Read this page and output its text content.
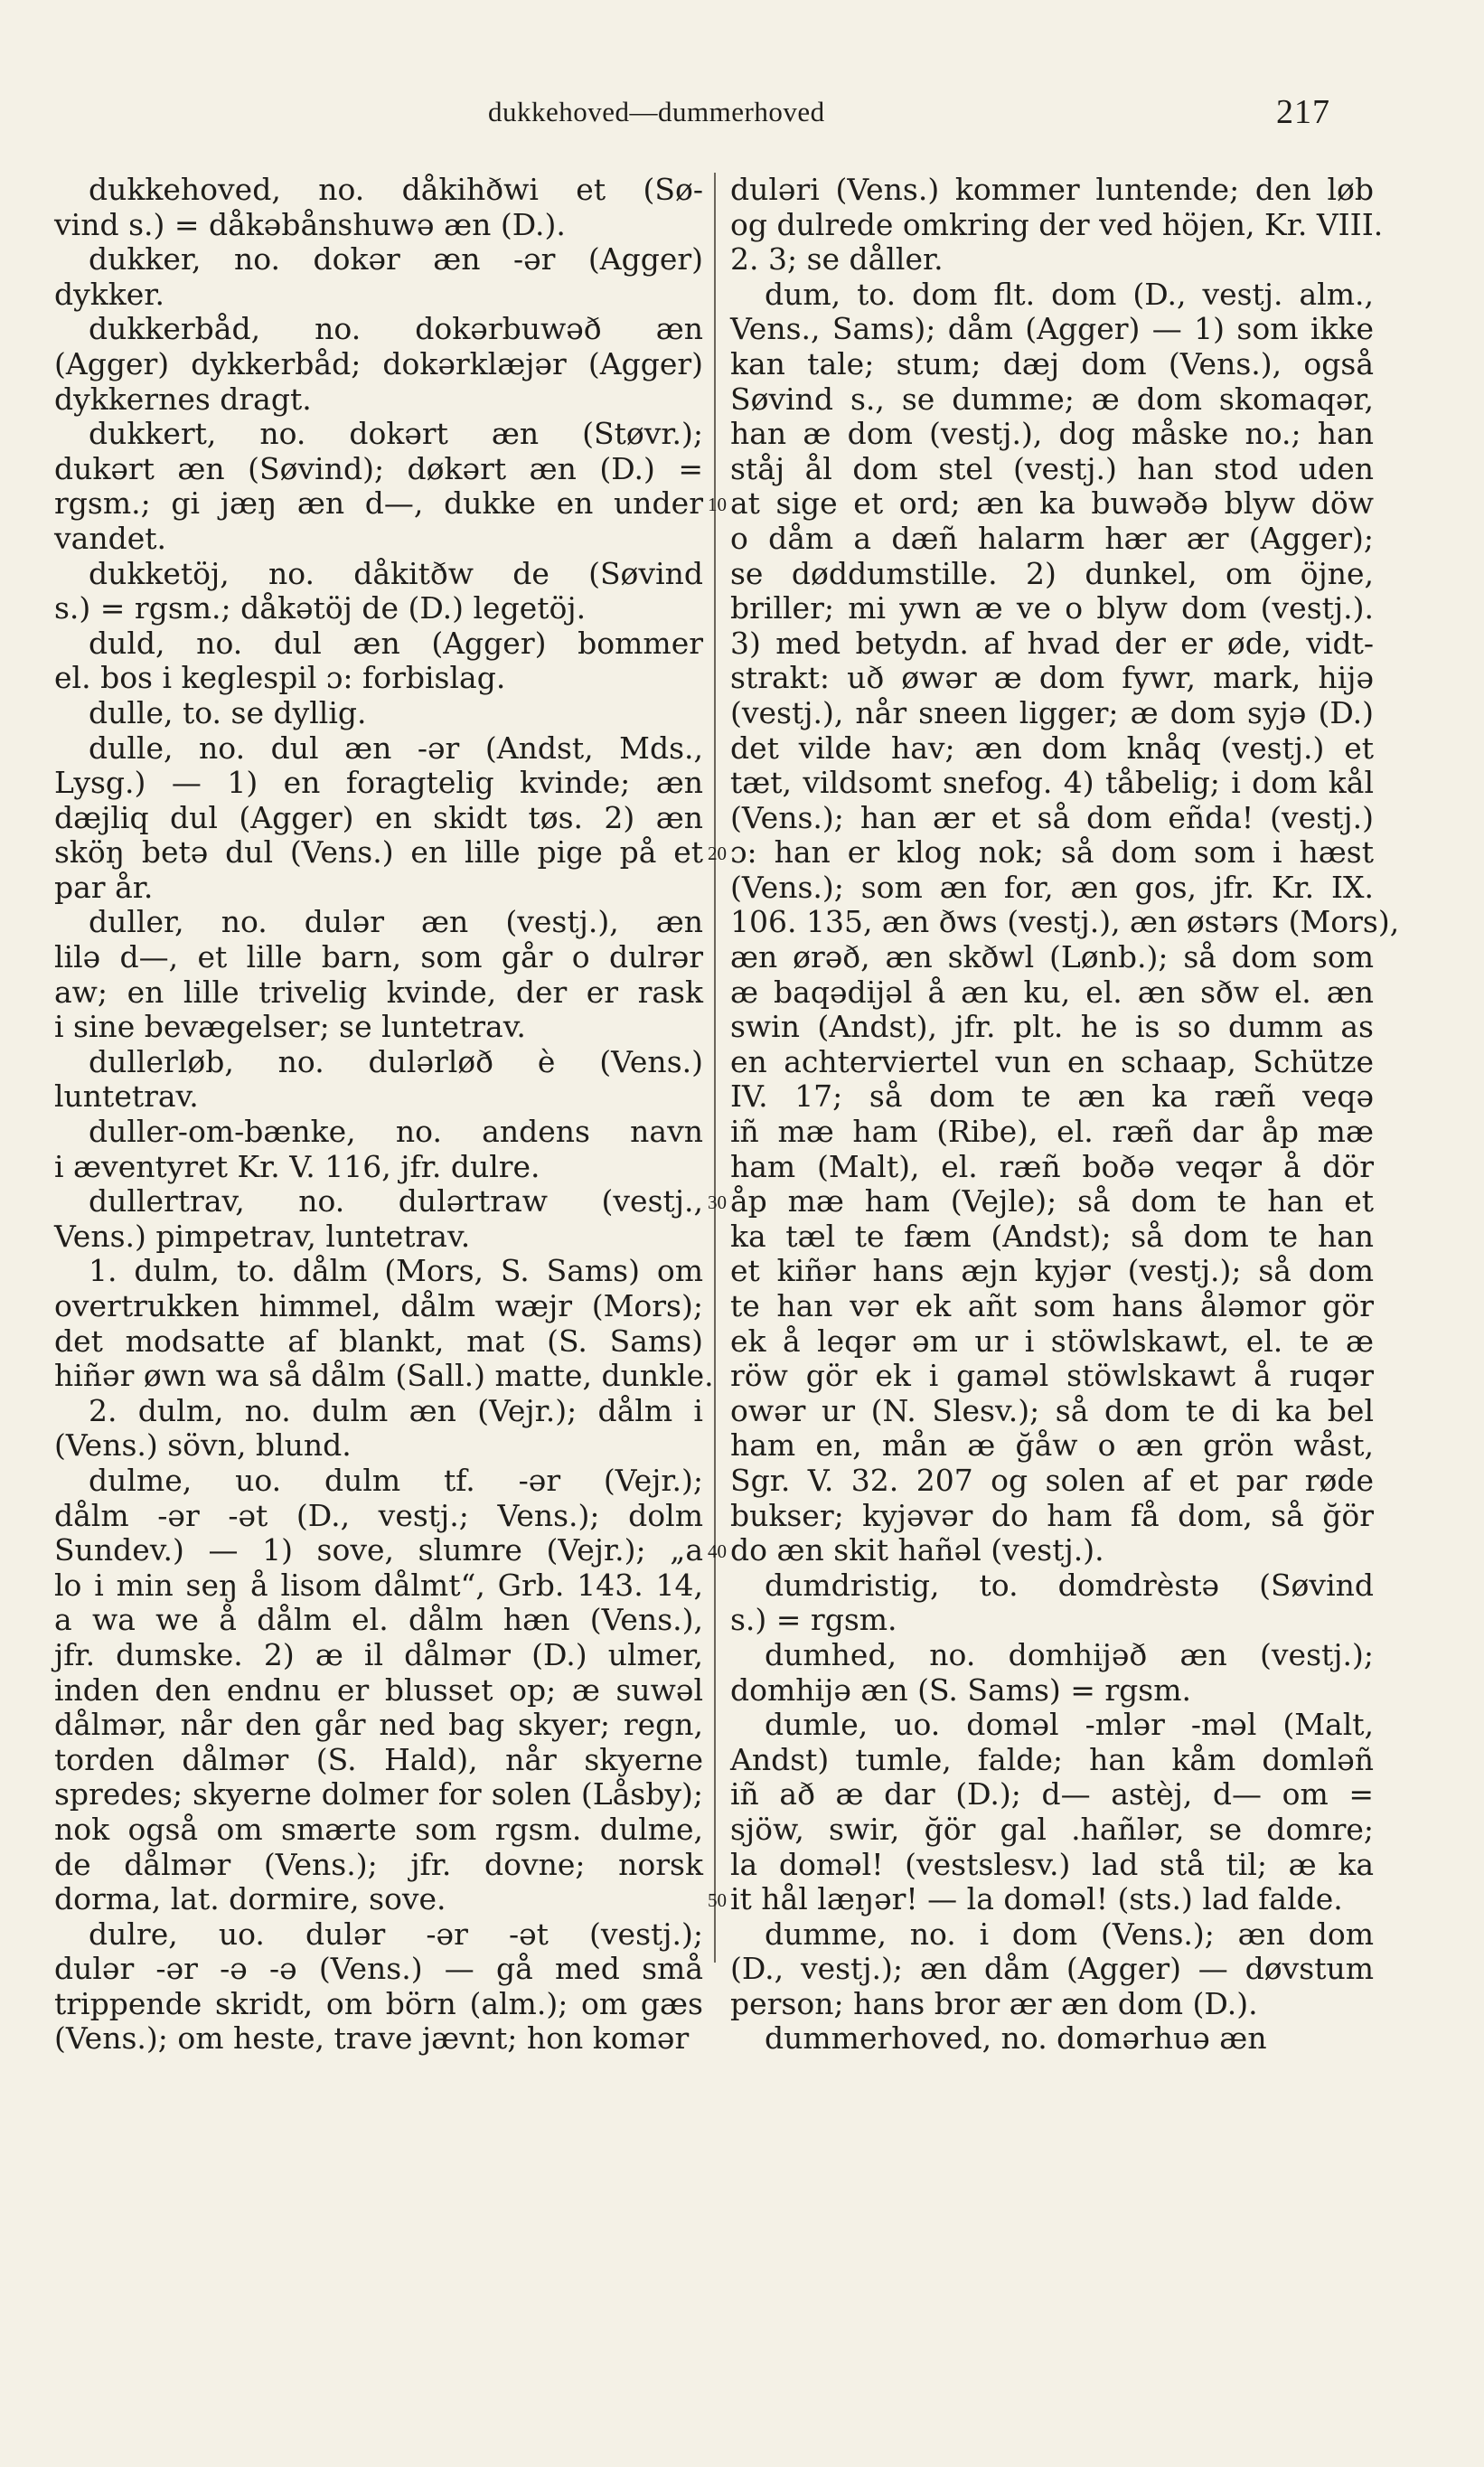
dukkehoved—dummerhoved	217
dukkehoved, no. dåkihðwi et (Sø-
vind s.) = dåkəbånshuwə æn (D.).
dukker, no. dokər æn -ər (Agger)
dykker.
dukkerbåd, no. dokərbuwəð æn
(Agger) dykkerbåd; dokərklæjər (Agger)
dykkernes dragt.
dukkert, no. dokərt æn (Støvr.);
dukərt æn (Søvind); døkərt æn (D.) =
rgsm.; gi jæŋ æn d—, dukke en under
vandet.
dukketöj, no. dåkitðw de (Søvind
s.) = rgsm.; dåkətöj de (D.) legetöj.
duld, no. dul æn (Agger) bommer
el. bos i keglespil ɔ: forbislag.
dulle, to. se dyllig.
dulle, no. dul æn -ər (Andst, Mds.,
Lysg.) — 1) en foragtelig kvinde; æn
dæjliq dul (Agger) en skidt tøs. 2) æn
sköŋ betə dul (Vens.) en lille pige på et
par år.
duller, no. dulər æn (vestj.), æn
lilə d—, et lille barn, som går o dulrər
aw; en lille trivelig kvinde, der er rask
i sine bevægelser; se luntetrav.
dullerløb, no. dulərløð è (Vens.)
luntetrav.
duller-om-bænke, no. andens navn
i æventyret Kr. V. 116, jfr. dulre.
dullertrav, no. dulərtraw (vestj.,
Vens.) pimpetrav, luntetrav.
1. dulm, to. dålm (Mors, S. Sams) om
overtrukken himmel, dålm wæjr (Mors);
det modsatte af blankt, mat (S. Sams)
hiñər øwn wa så dålm (Sall.) matte, dunkle.
2. dulm, no. dulm æn (Vejr.); dålm i
(Vens.) sövn, blund.
dulme, uo. dulm tf. -ər (Vejr.);
dålm -ər -ət (D., vestj.; Vens.); dolm
Sundev.) — 1) sove, slumre (Vejr.); „a
lo i min seŋ å lisom dålmt“, Grb. 143. 14,
a wa we å dålm el. dålm hæn (Vens.),
jfr. dumske. 2) æ il dålmər (D.) ulmer,
inden den endnu er blusset op; æ suwəl
dålmər, når den går ned bag skyer; regn,
torden dålmər (S. Hald), når skyerne
spredes; skyerne dolmer for solen (Låsby);
nok også om smærte som rgsm. dulme,
de dålmər (Vens.); jfr. dovne; norsk
dorma, lat. dormire, sove.
dulre, uo. dulər -ər -ət (vestj.);
dulər -ər -ə -ə (Vens.) — gå med små
trippende skridt, om börn (alm.); om gæs
(Vens.); om heste, trave jævnt; hon komər
10
20
30
40
50
duləri (Vens.) kommer luntende; den løb
og dulrede omkring der ved höjen, Kr. VIII.
2. 3; se dåller.
dum, to. dom flt. dom (D., vestj. alm.,
Vens., Sams); dåm (Agger) — 1) som ikke
kan tale; stum; dæj dom (Vens.), også
Søvind s., se dumme; æ dom skomaqər,
han æ dom (vestj.), dog måske no.; han
ståj ål dom stel (vestj.) han stod uden
at sige et ord; æn ka buwəðə blyw döw
o dåm a dæñ halarm hær ær (Agger);
se døddumstille. 2) dunkel, om öjne,
briller; mi ywn æ ve o blyw dom (vestj.).
3) med betydn. af hvad der er øde, vidt-
strakt: uð øwər æ dom fywr, mark, hijə
(vestj.), når sneen ligger; æ dom syjə (D.)
det vilde hav; æn dom knåq (vestj.) et
tæt, vildsomt snefog. 4) tåbelig; i dom kål
(Vens.); han ær et så dom eñda! (vestj.)
ɔ: han er klog nok; så dom som i hæst
(Vens.); som æn for, æn gos, jfr. Kr. IX.
106. 135, æn ðws (vestj.), æn østərs (Mors),
æn ørəð, æn skðwl (Lønb.); så dom som
æ baqədijəl å æn ku, el. æn sðw el. æn
swin (Andst), jfr. plt. he is so dumm as
en achterviertel vun en schaap, Schütze
IV. 17; så dom te æn ka ræñ veqə
iñ mæ ham (Ribe), el. ræñ dar åp mæ
ham (Malt), el. ræñ boðə veqər å dör
åp mæ ham (Vejle); så dom te han et
ka tæl te fæm (Andst); så dom te han
et kiñər hans æjn kyjər (vestj.); så dom
te han vər ek añt som hans åləmor gör
ek å leqər əm ur i stöwlskawt, el. te æ
röw gör ek i gaməl stöwlskawt å ruqər
owər ur (N. Slesv.); så dom te di ka bel
ham en, mån æ ğåw o æn grön wåst,
Sgr. V. 32. 207 og solen af et par røde
bukser; kyjəvər do ham få dom, så ğör
do æn skit hañəl (vestj.).
dumdristig, to. domdrèstə (Søvind
s.) = rgsm.
dumhed, no. domhijəð æn (vestj.);
domhijə æn (S. Sams) = rgsm.
dumle, uo. doməl -mlər -məl (Malt,
Andst) tumle, falde; han kåm domləñ
iñ að æ dar (D.); d— astèj, d— om =
sjöw, swir, ğör gal .hañlər, se domre;
la doməl! (vestslesv.) lad stå til; æ ka
it hål læŋər! — la doməl! (sts.) lad falde.
dumme, no. i dom (Vens.); æn dom
(D., vestj.); æn dåm (Agger) — døvstum
person; hans bror ær æn dom (D.).
dummerhoved, no. domərhuə æn
